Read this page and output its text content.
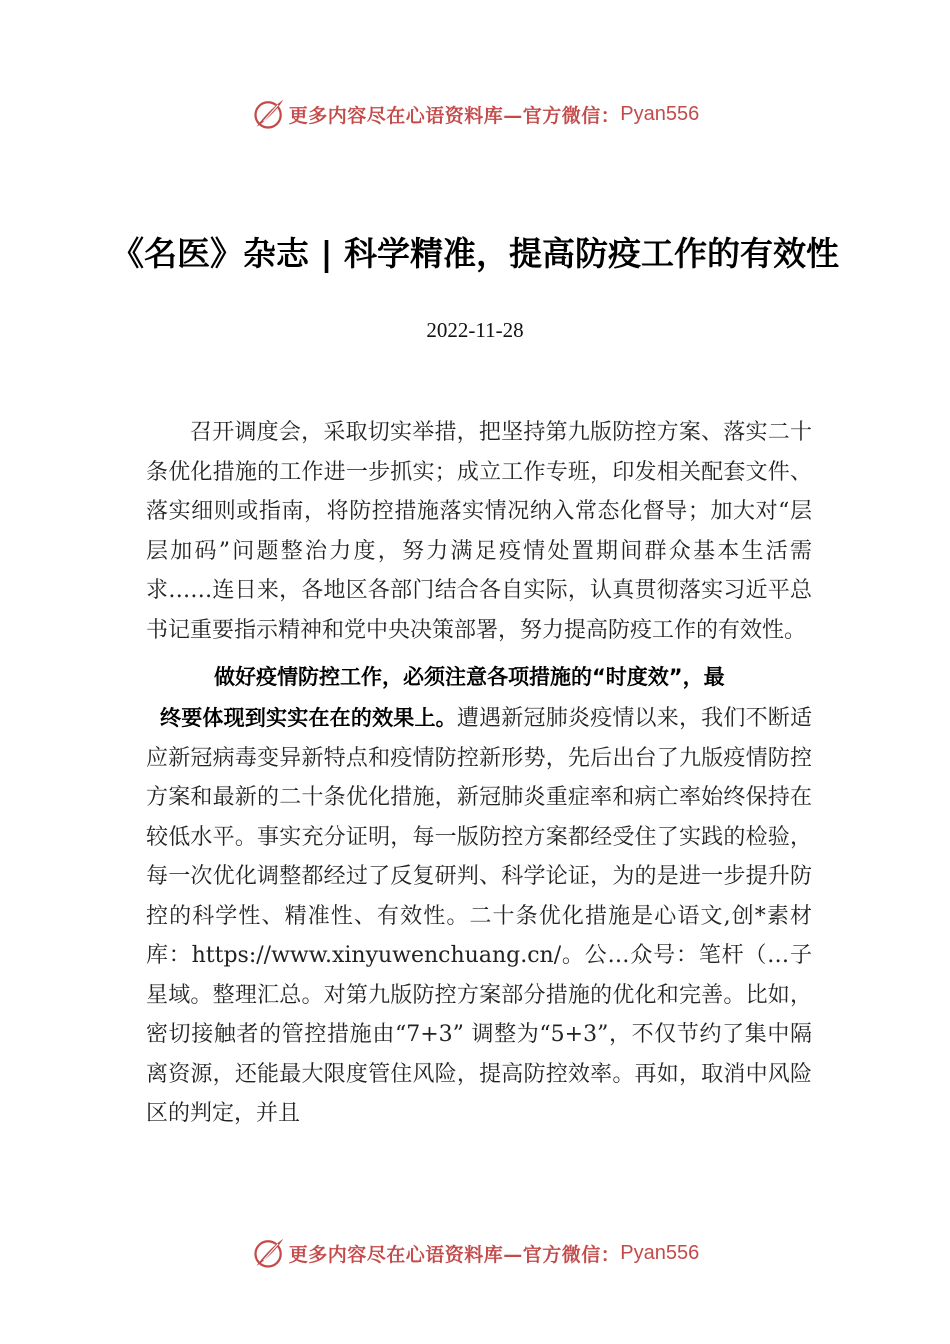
更多内容尽在心语资料库—官方微信： Pyan556
《名医》杂志 | 科学精准，提高防疫工作的有效性
2022-11-28

召开调度会，采取切实举措，把坚持第九版防控方案、落实二十条优化措施的工作进一步抓实；成立工作专班，印发相关配套文件、落实细则或指南，将防控措施落实情况纳入常态化督导；加大对“层层加码”问题整治力度，努力满足疫情处置期间群众基本生活需求……连日来，各地区各部门结合各自实际，认真贯彻落实习近平总书记重要指示精神和党中央决策部署，努力提高防疫工作的有效性。

做好疫情防控工作，必须注意各项措施的“时度效”，最
终要体现到实实在在的效果上。遭遇新冠肺炎疫情以来，我们不断适应新冠病毒变异新特点和疫情防控新形势，先后出台了九版疫情防控方案和最新的二十条优化措施，新冠肺炎重症率和病亡率始终保持在较低水平。事实充分证明，每一版防控方案都经受住了实践的检验，每一次优化调整都经过了反复研判、科学论证，为的是进一步提升防控的科学性、精准性、有效性。二十条优化措施是心语文,创*素材库：https://www.xinyuwenchuang.cn/。公…众号：笔杆（…子星域。整理汇总。对第九版防控方案部分措施的优化和完善。比如，密切接触者的管控措施由“7+3” 调整为“5+3”，不仅节约了集中隔离资源，还能最大限度管住风险，提高防控效率。再如，取消中风险区的判定，并且

更多内容尽在心语资料库—官方微信： Pyan556
